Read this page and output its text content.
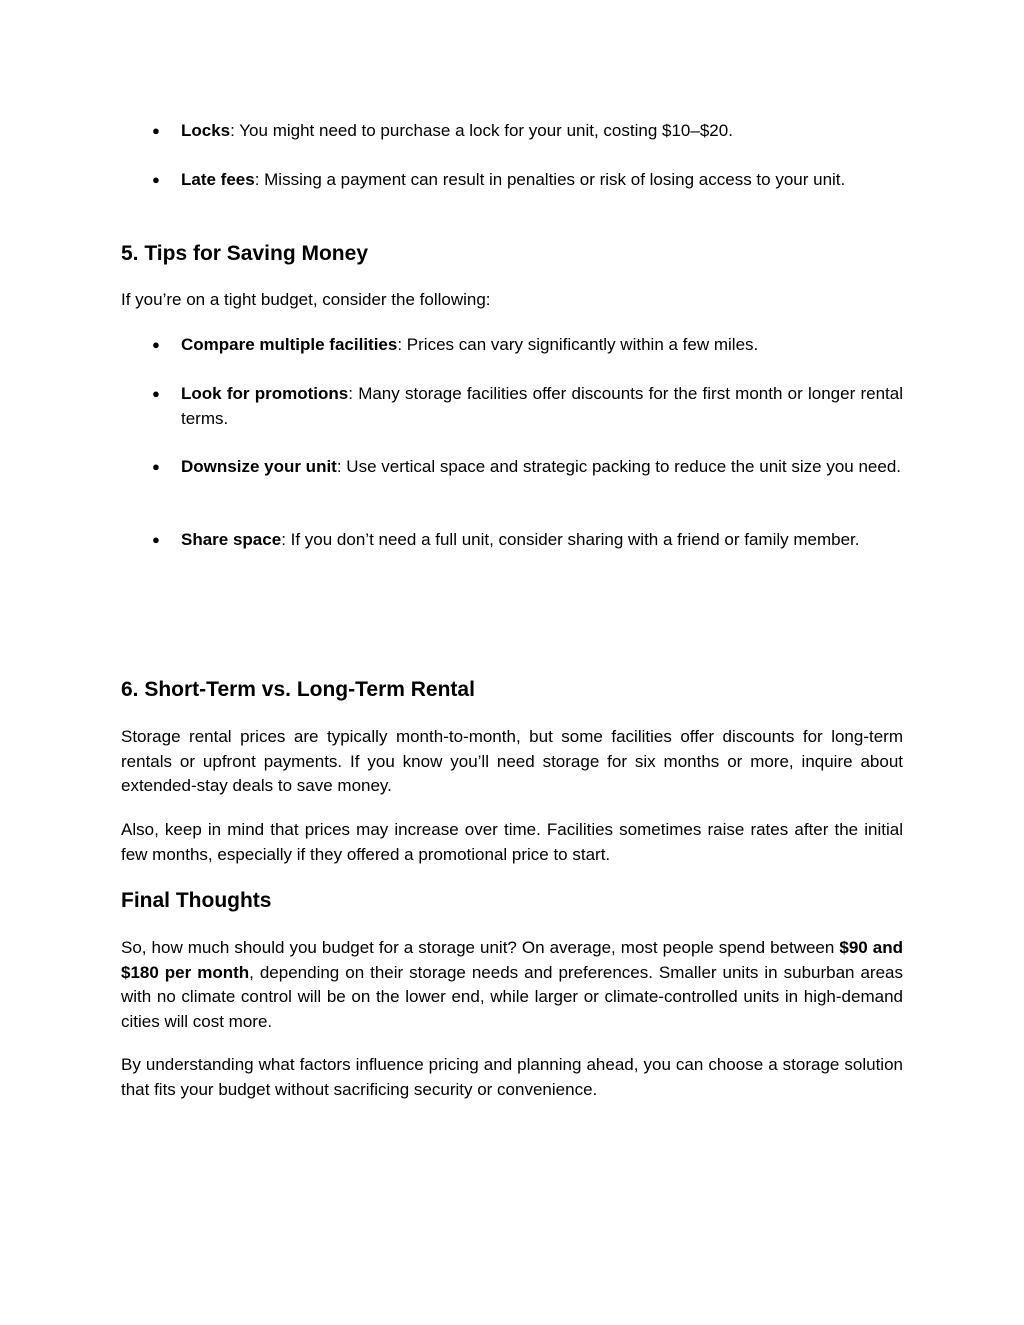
● Locks: You might need to purchase a lock for your unit, costing $10–$20.
● Late fees: Missing a payment can result in penalties or risk of losing access to your unit.
5. Tips for Saving Money

If you’re on a tight budget, consider the following:

● Compare multiple facilities: Prices can vary significantly within a few miles.
● Look for promotions: Many storage facilities offer discounts for the first month or longer rental terms.
● Downsize your unit: Use vertical space and strategic packing to reduce the unit size you need.
● Share space: If you don’t need a full unit, consider sharing with a friend or family member.
6. Short-Term vs. Long-Term Rental

Storage rental prices are typically month-to-month, but some facilities offer discounts for long-term rentals or upfront payments. If you know you’ll need storage for six months or more, inquire about extended-stay deals to save money.

Also, keep in mind that prices may increase over time. Facilities sometimes raise rates after the initial few months, especially if they offered a promotional price to start.

Final Thoughts

So, how much should you budget for a storage unit? On average, most people spend between $90 and $180 per month, depending on their storage needs and preferences. Smaller units in suburban areas with no climate control will be on the lower end, while larger or climate-controlled units in high-demand cities will cost more.

By understanding what factors influence pricing and planning ahead, you can choose a storage solution that fits your budget without sacrificing security or convenience.
